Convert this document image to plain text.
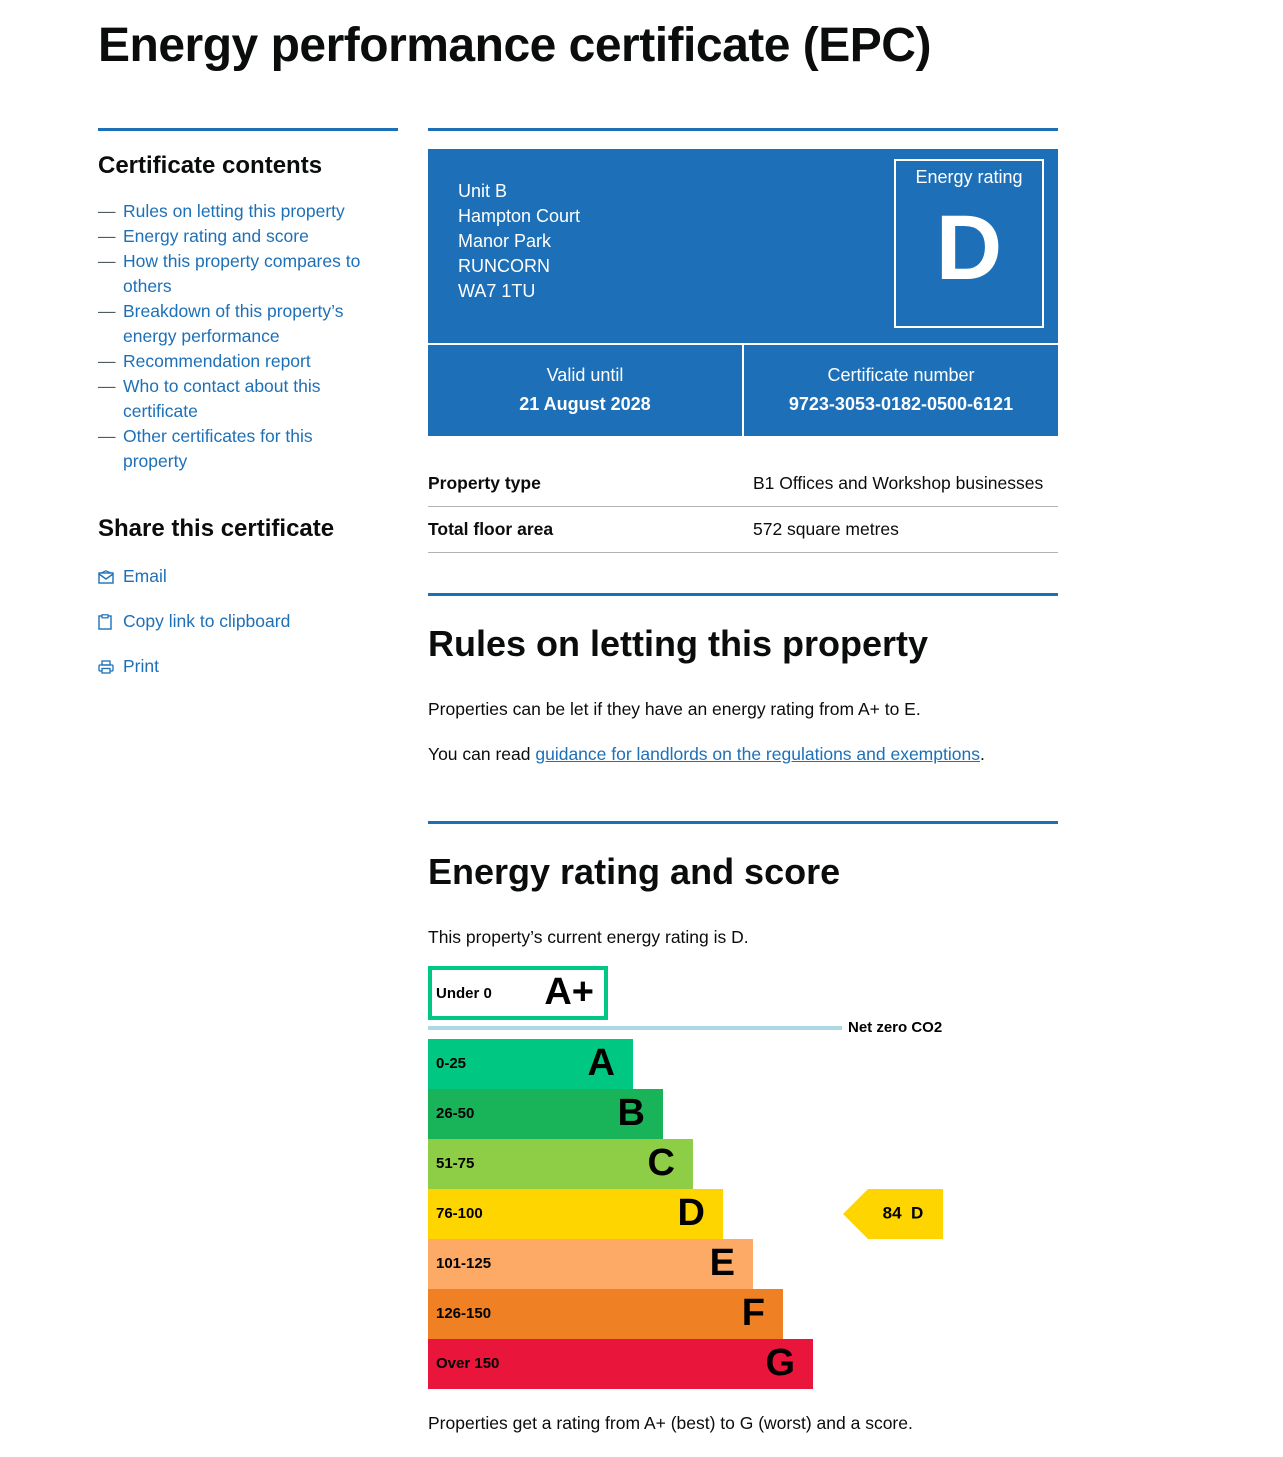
Energy performance certificate (EPC)
Certificate contents
— Rules on letting this property
— Energy rating and score
— How this property compares to
others
— Breakdown of this property’s
energy performance
— Recommendation report
— Who to contact about this
certificate
— Other certificates for this
property
Share this certificate
Email
Copy link to clipboard
Print
Unit B
Hampton Court
Manor Park
RUNCORN
WA7 1TU
Energy rating
D
Valid until
21 August 2028
Certificate number
9723-3053-0182-0500-6121
Property type	B1 Offices and Workshop businesses
Total floor area	572 square metres
Rules on letting this property

Properties can be let if they have an energy rating from A+ to E.

You can read guidance for landlords on the regulations and exemptions.

Energy rating and score

This property’s current energy rating is D.

Under 0 A+
Net zero CO2
0-25	A
26-50	B
51-75	C
76-100	D
101-125	E
126-150	F
Over 150	G
84  D

Properties get a rating from A+ (best) to G (worst) and a score.
